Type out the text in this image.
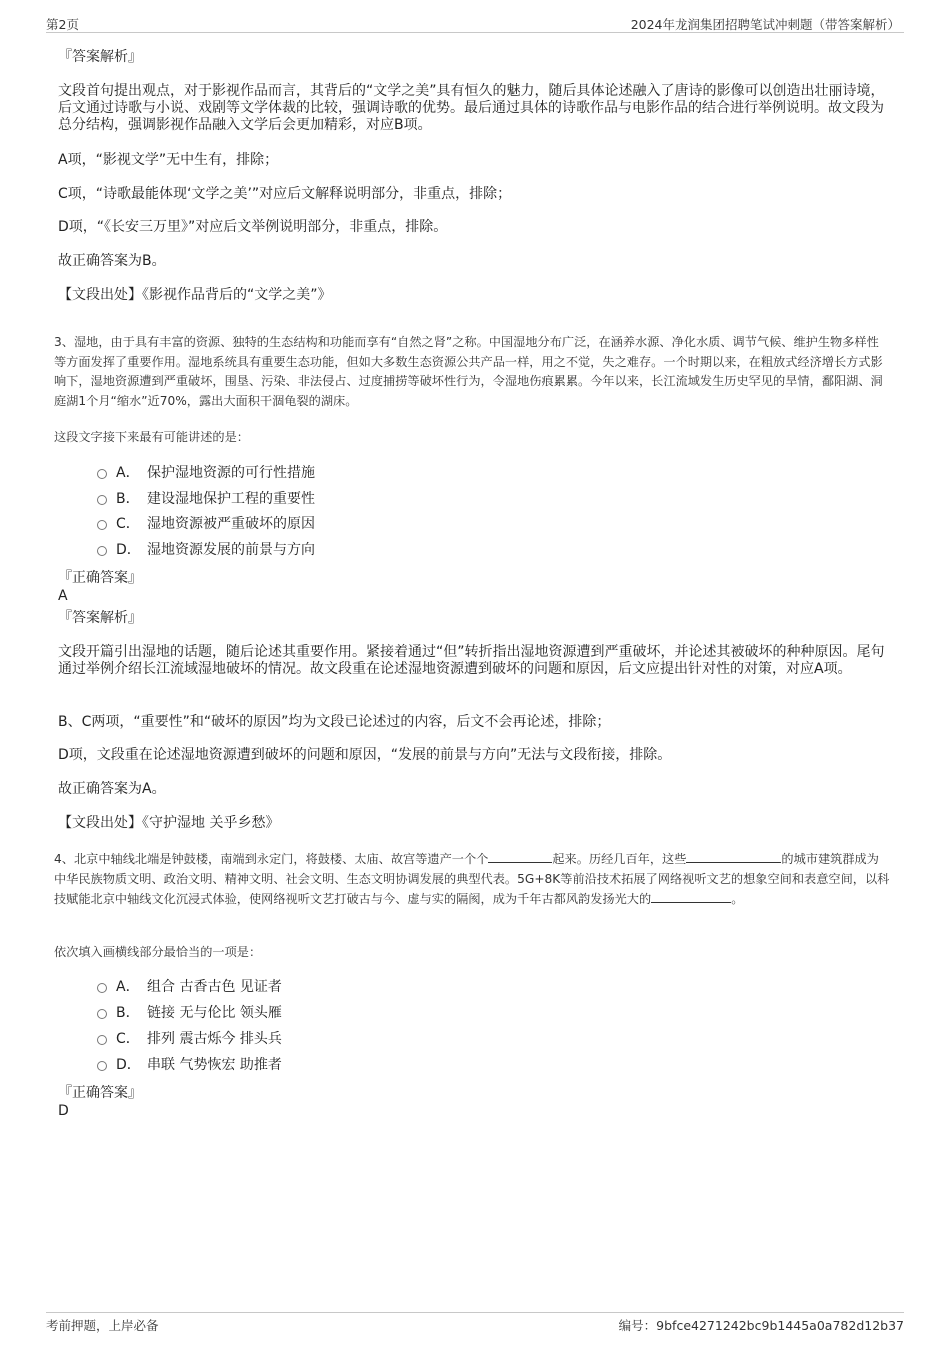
第2页	2024年龙润集团招聘笔试冲刺题（带答案解析）
『答案解析』
文段首句提出观点，对于影视作品而言，其背后的“文学之美”具有恒久的魅力，随后具体论述融入了唐诗的影像可以创造出壮丽诗境，后文通过诗歌与小说、戏剧等文学体裁的比较，强调诗歌的优势。最后通过具体的诗歌作品与电影作品的结合进行举例说明。故文段为总分结构，强调影视作品融入文学后会更加精彩，对应B项。
A项，“影视文学”无中生有，排除；
C项，“诗歌最能体现‘文学之美’”对应后文解释说明部分，非重点，排除；
D项，“《长安三万里》”对应后文举例说明部分，非重点，排除。
故正确答案为B。
【文段出处】《影视作品背后的“文学之美”》
3、湿地，由于具有丰富的资源、独特的生态结构和功能而享有“自然之肾”之称。中国湿地分布广泛，在涵养水源、净化水质、调节气候、维护生物多样性等方面发挥了重要作用。湿地系统具有重要生态功能，但如大多数生态资源公共产品一样，用之不觉，失之难存。一个时期以来，在粗放式经济增长方式影响下，湿地资源遭到严重破坏，围垦、污染、非法侵占、过度捕捞等破坏性行为，令湿地伤痕累累。今年以来，长江流域发生历史罕见的旱情，鄱阳湖、洞庭湖1个月“缩水”近70%，露出大面积干涸龟裂的湖床。
这段文字接下来最有可能讲述的是：
A． 保护湿地资源的可行性措施
B． 建设湿地保护工程的重要性
C． 湿地资源被严重破坏的原因
D． 湿地资源发展的前景与方向
『正确答案』
A
『答案解析』
文段开篇引出湿地的话题，随后论述其重要作用。紧接着通过“但”转折指出湿地资源遭到严重破坏，并论述其被破坏的种种原因。尾句通过举例介绍长江流域湿地破坏的情况。故文段重在论述湿地资源遭到破坏的问题和原因，后文应提出针对性的对策，对应A项。
B、C两项，“重要性”和“破坏的原因”均为文段已论述过的内容，后文不会再论述，排除；
D项，文段重在论述湿地资源遭到破坏的问题和原因，“发展的前景与方向”无法与文段衔接，排除。
故正确答案为A。
【文段出处】《守护湿地 关乎乡愁》
4、北京中轴线北端是钟鼓楼，南端到永定门，将鼓楼、太庙、故宫等遗产一个个	起来。历经几百年，这些	的城市建筑群成为中华民族物质文明、政治文明、精神文明、社会文明、生态文明协调发展的典型代表。5G+8K等前沿技术拓展了网络视听文艺的想象空间和表意空间，以科技赋能北京中轴线文化沉浸式体验，使网络视听文艺打破古与今、虚与实的隔阂，成为千年古都风韵发扬光大的	。
依次填入画横线部分最恰当的一项是：
A． 组合 古香古色 见证者
B． 链接 无与伦比 领头雁
C． 排列 震古烁今 排头兵
D． 串联 气势恢宏 助推者
『正确答案』
D
考前押题，上岸必备	编号：9bfce4271242bc9b1445a0a782d12b37
